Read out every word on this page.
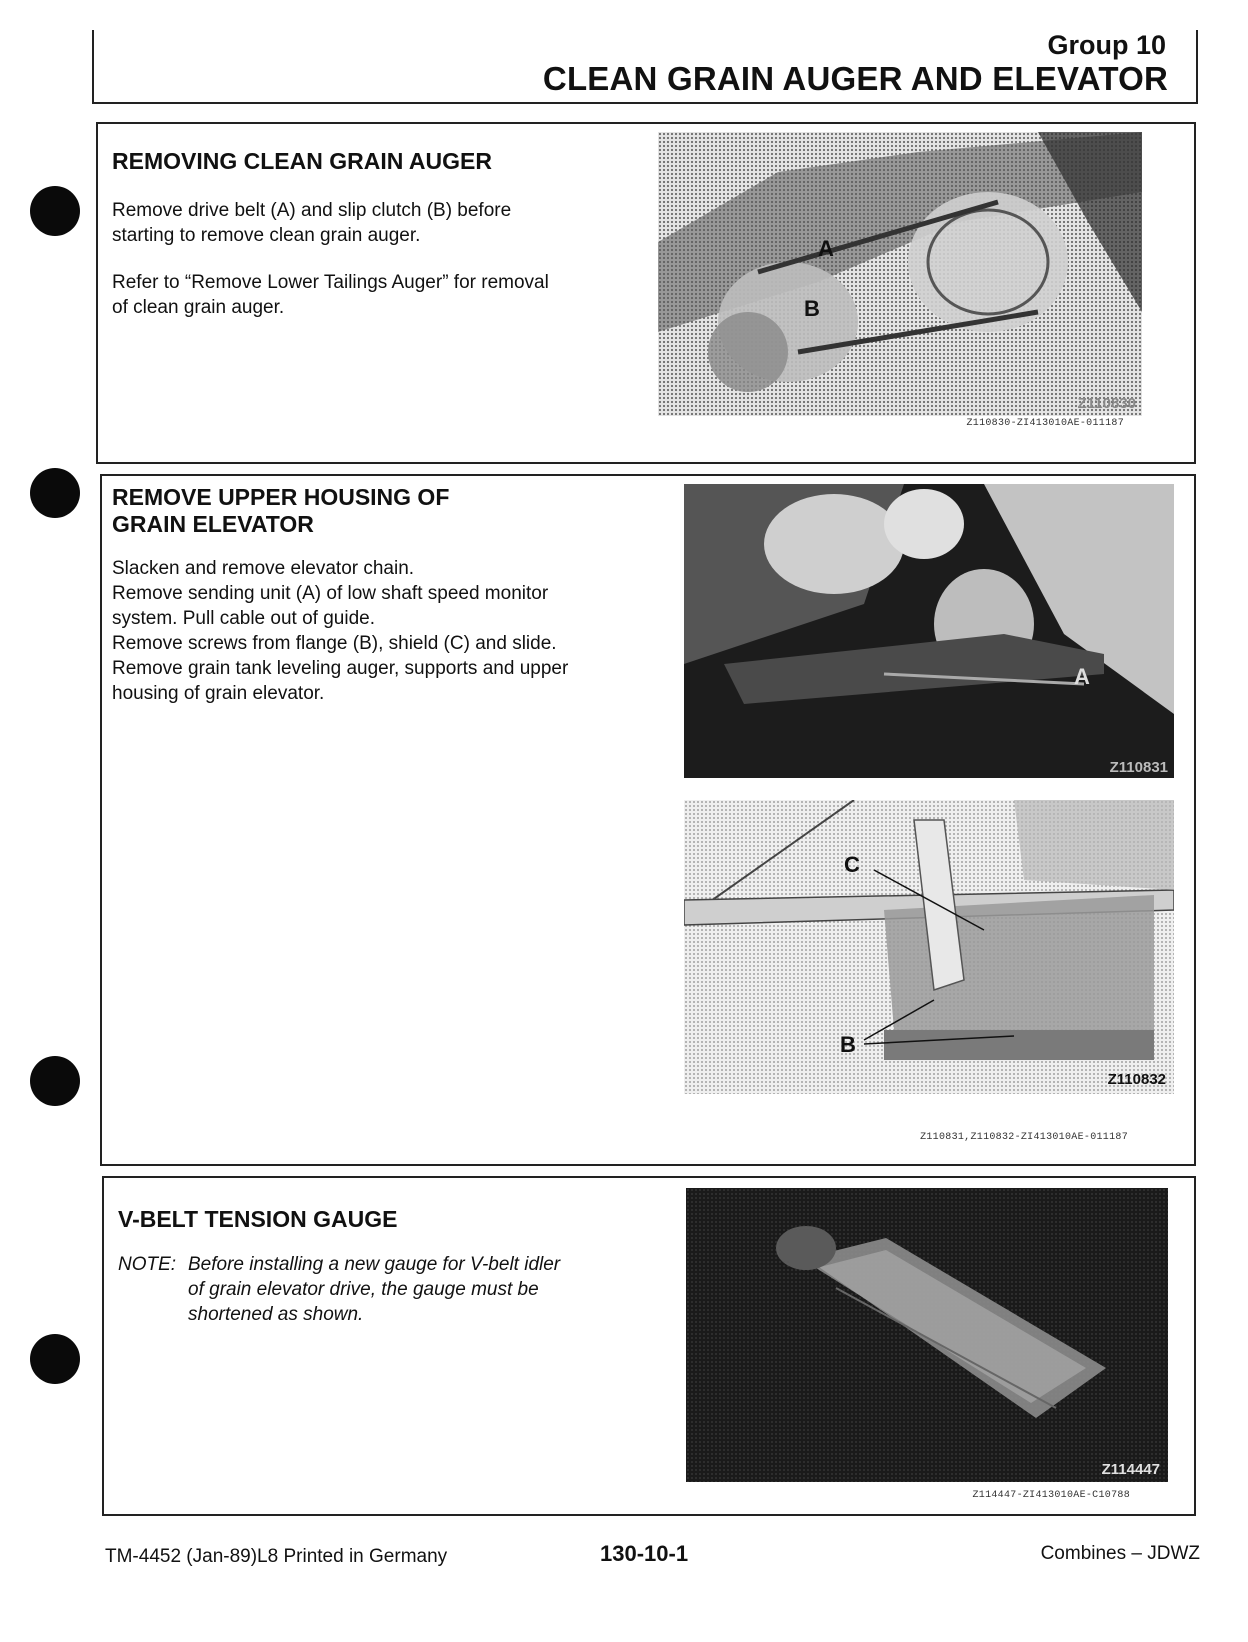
Group 10
CLEAN GRAIN AUGER AND ELEVATOR
REMOVING CLEAN GRAIN AUGER
Remove drive belt (A) and slip clutch (B) before
starting to remove clean grain auger.
Refer to “Remove Lower Tailings Auger” for removal
of clean grain auger.
A
B
Z110830
Z110830-ZI413010AE-011187
REMOVE UPPER HOUSING OF
GRAIN ELEVATOR
Slacken and remove elevator chain.
Remove sending unit (A) of low shaft speed monitor
system. Pull cable out of guide.
Remove screws from flange (B), shield (C) and slide.
Remove grain tank leveling auger, supports and upper
housing of grain elevator.
A
Z110831
C
B
Z110832
Z110831,Z110832-ZI413010AE-011187
V-BELT TENSION GAUGE
NOTE: Before installing a new gauge for V-belt idler
of grain elevator drive, the gauge must be
shortened as shown.
Z114447
Z114447-ZI413010AE-C10788
TM-4452 (Jan-89)L8 Printed in Germany	130-10-1	Combines – JDWZ
